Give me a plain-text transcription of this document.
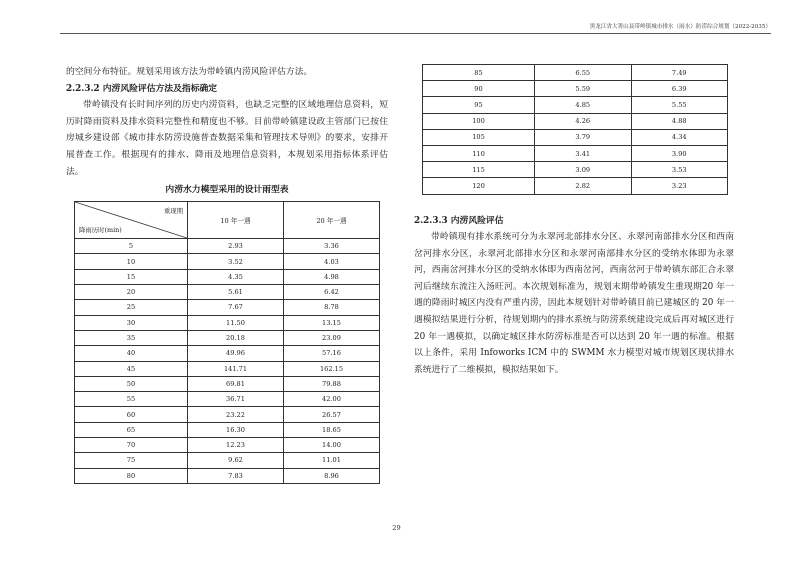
黑龙江省大箐山县带岭镇城市排水（雨水）防涝综合规划（2022-2035）

的空间分布特征。规划采用该方法为带岭镇内涝风险评估方法。

2.2.3.2 内涝风险评估方法及指标确定

带岭镇没有长时间序列的历史内涝资料，也缺乏完整的区域地理信息资料，短历时降雨资料及排水资料完整性和精度也不够。目前带岭镇建设政主管部门已按住房城乡建设部《城市排水防涝设施普查数据采集和管理技术导则》的要求，安排开展普查工作。根据现有的排水、降雨及地理信息资料，本规划采用指标体系评估法。

内涝水力模型采用的设计雨型表
重现期
降雨历时(min)	10 年一遇	20 年一遇
5	2.93	3.36
10	3.52	4.03
15	4.35	4.98
20	5.61	6.42
25	7.67	8.78
30	11.50	13.15
35	20.18	23.09
40	49.96	57.16
45	141.71	162.15
50	69.81	79.88
55	36.71	42.00
60	23.22	26.57
65	16.30	18.65
70	12.23	14.00
75	9.62	11.01
80	7.83	8.96
85	6.55	7.49
90	5.59	6.39
95	4.85	5.55
100	4.26	4.88
105	3.79	4.34
110	3.41	3.90
115	3.09	3.53
120	2.82	3.23

2.2.3.3 内涝风险评估

带岭镇现有排水系统可分为永翠河北部排水分区、永翠河南部排水分区和西南岔河排水分区，永翠河北部排水分区和永翠河南部排水分区的受纳水体即为永翠河，西南岔河排水分区的受纳水体即为西南岔河，西南岔河于带岭镇东部汇合永翠河后继续东流注入汤旺河。本次规划标准为，规划末期带岭镇发生重现期20 年一遇的降雨时城区内没有严重内涝，因此本规划针对带岭镇目前已建城区的 20 年一遇模拟结果进行分析，待规划期内的排水系统与防涝系统建设完成后再对城区进行 20 年一遇模拟，以确定城区排水防涝标准是否可以达到 20 年一遇的标准。根据以上条件，采用 Infoworks ICM 中的 SWMM 水力模型对城市规划区现状排水系统进行了二维模拟，模拟结果如下。

29
